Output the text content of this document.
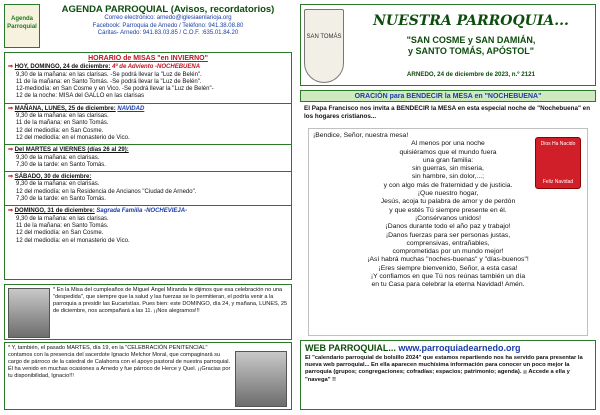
Agenda Parroquial
AGENDA PARROQUIAL (Avisos, recordatorios)
Correo electrónico: arnedo@iglesiaenlarioja.org
Facebook: Parroquia de Arnedo / Teléfono: 941.38.08.80
Cáritas- Arnedo: 941.83.03.85 / C.O.F. :635.01.84.20
HORARIO de MISAS "en INVIERNO"
⇒ HOY, DOMINGO, 24 de diciembre: 4º de Adviento -NOCHEBUENA
9,30 de la mañana: en las clarisas. -Se podrá llevar la "Luz de Belén".
11 de la mañana: en Santo Tomás. -Se podrá llevar la "Luz de Belén".
12-mediodía: en San Cosme y en Vico. -Se podrá llevar la "Luz de Belén"-
12 de la noche: MISA del GALLO en las clarisas
⇒ MAÑANA, LUNES, 25 de diciembre: NAVIDAD
9,30 de la mañana: en las clarisas.
11 de la mañana: en Santo Tomás.
12 del mediodía: en San Cosme.
12 del mediodía: en el monasterio de Vico.
⇒ Del MARTES al VIERNES (días 26 al 29):
9,30 de la mañana: en clarisas.
7,30 de la tarde: en Santo Tomás.
⇒ SÁBADO, 30 de diciembre:
9,30 de la mañana: en clarisas.
12 del mediodía: en la Residencia de Ancianos "Ciudad de Arnedo".
7,30 de la tarde: en Santo Tomás.
⇒ DOMINGO, 31 de diciembre: Sagrada Familia -NOCHEVIEJA-
9,30 de la mañana: en las clarisas.
11 de la mañana: en Santo Tomás.
12 del mediodía: en San Cosme.
12 del mediodía: en el monasterio de Vico.
* En la Misa del cumpleaños de Miguel Ángel Miranda le dijimos que esa celebración no una "despedida", que siempre que la salud y las fuerzas se lo permitieran, el podría venir a la parroquia a presidir las Eucaristías. Pues bien: este DOMINGO, día 24, y mañana, LUNES, 25 de diciembre, nos acompañará a las 11. ¡¡Nos alegramos!!!
* Y, también, el pasado MARTES, día 19, en la "CELEBRACIÓN PENITENCIAL" contamos con la presencia del sacerdote Ignacio Melchor Moral, que compaginará su cargo de párroco de la catedral de Calahorra con el apoyo pastoral de nuestra parroquial. Él ha venido en muchas ocasiones a Arnedo y fue párroco de Herce y Quel. ¡¡Gracias por tu disponibilidad, Ignacio!!!
SAN TOMÁS
NUESTRA PARROQUIA...
"SAN COSME y SAN DAMIÁN,
y SANTO TOMÁS, APÓSTOL"
ARNEDO, 24 de diciembre de 2023, n.º 2121
ORACIÓN para BENDECIR la MESA en "NOCHEBUENA"
El Papa Francisco nos invita a BENDECIR la MESA en esta especial noche de "Nochebuena" en los hogares cristianos...
Dios Ha Nacido
Feliz Navidad
¡Bendice, Señor, nuestra mesa!
Al menos por una noche
quisiéramos que el mundo fuera
una gran familia:
sin guerras, sin miseria,
sin hambre, sin dolor,...;
y con algo más de fraternidad y de justicia.
¡Que nuestro hogar,
Jesús, acoja tu palabra de amor y de perdón
y que estés Tú siempre presente en él.
¡Consérvanos unidos!
¡Danos durante todo el año paz y trabajo!
¡Danos fuerzas para ser personas justas,
comprensivas, entrañables,
comprometidas por un mundo mejor!
¡Así habrá muchas "noches-buenas" y "días-buenos"!
¡Eres siempre bienvenido, Señor, a esta casa!
¡Y confiamos en que Tú nos reúnas también un día
en tu Casa para celebrar la eterna Navidad! Amén.
WEB PARROQUIAL... www.parroquiadearnedo.org
El "calendario parroquial de bolsillo 2024" que estamos repartiendo nos ha servido para presentar la nueva web parroquial... En ella aparecen muchísima información para conocer un poco mejor la parroquia (grupos; congregaciones; cofradías; espacios; patrimonio; agenda). ¡¡ Accede a ella y "navega" !!
